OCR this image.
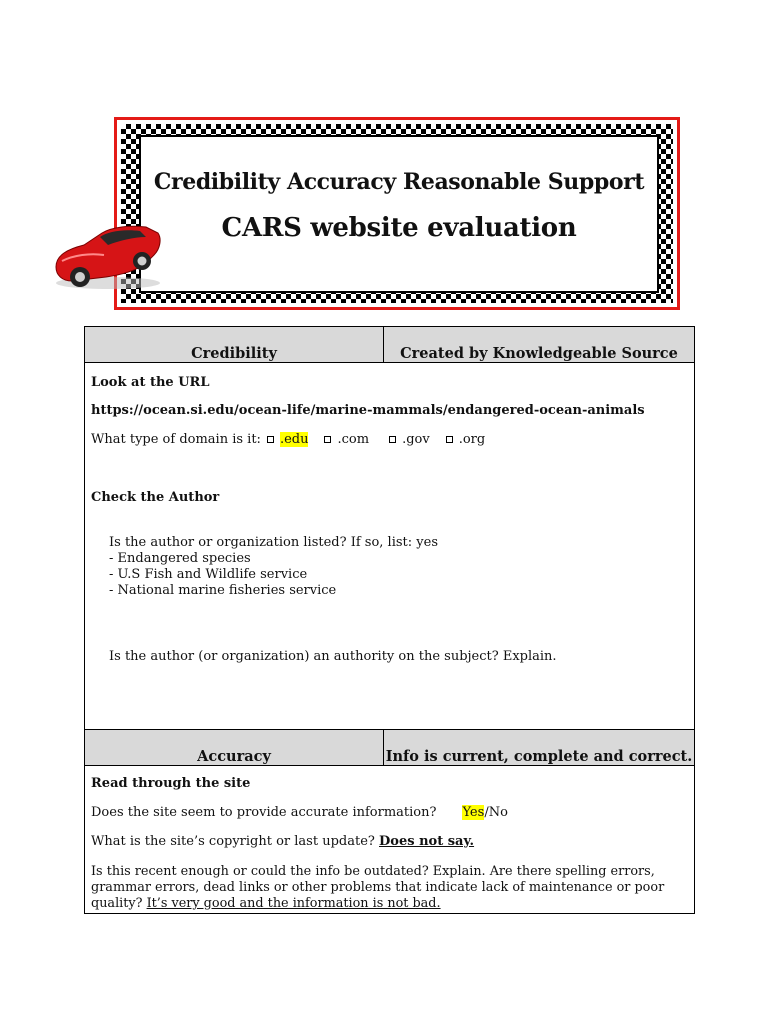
Credibility Accuracy Reasonable Support
CARS website evaluation
Credibility	Created by Knowledgeable Source
Look at the URL
https://ocean.si.edu/ocean-life/marine-mammals/endangered-ocean-animals
What type of domain is it: .edu .com	.gov .org
Check the Author
Is the author or organization listed? If so, list: yes
- Endangered species
- U.S Fish and Wildlife service
- National marine fisheries service
Is the author (or organization) an authority on the subject? Explain.
Accuracy	Info is current, complete and correct.
Read through the site
Does the site seem to provide accurate information? Yes/No
What is the site’s copyright or last update? Does not say.
Is this recent enough or could the info be outdated? Explain. Are there spelling errors, grammar errors, dead links or other problems that indicate lack of maintenance or poor quality? It’s very good and the information is not bad.
